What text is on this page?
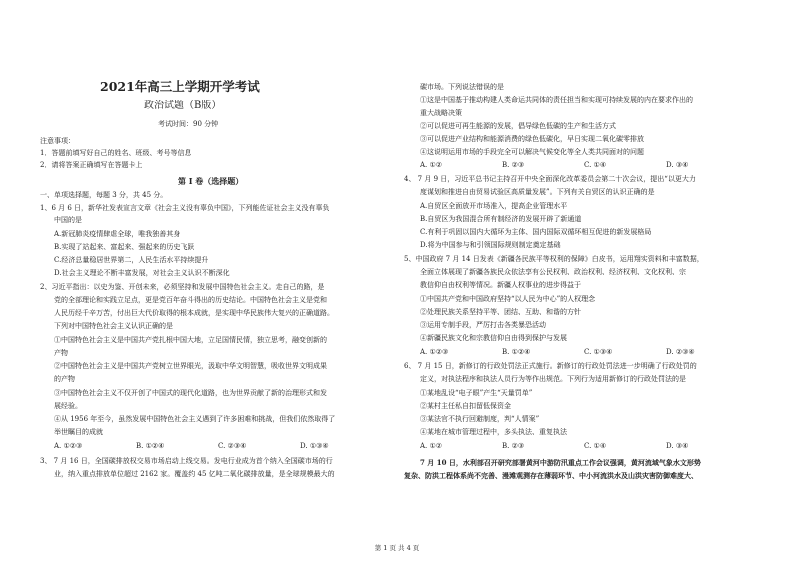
2021年高三上学期开学考试
政治试题（B版）
考试时间：90 分钟
注意事项：
1．答题前填写好自己的姓名、班级、考号等信息
2．请将答案正确填写在答题卡上
第 I 卷（选择题）
一、单项选择题，每题 3 分，共 45 分。
1、6 月 6 日，新华社发表宣言文章《社会主义没有辜负中国》，下列能佐证社会主义没有辜负
中国的是
A.新冠肺炎疫情肆虐全球，唯我独善其身
B.实现了站起来、富起来、强起来的历史飞跃
C.经济总量稳居世界第二，人民生活水平持续提升
D.社会主义理论不断丰富发展，对社会主义认识不断深化
2、习近平指出：以史为鉴、开创未来，必须坚持和发展中国特色社会主义。走自己的路，是
党的全部理论和实践立足点，更是党百年奋斗得出的历史结论。中国特色社会主义是党和
人民历经千辛万苦，付出巨大代价取得的根本成就，是实现中华民族伟大复兴的正确道路。
下列对中国特色社会主义认识正确的是
①中国特色社会主义是中国共产党扎根中国大地，立足国情民情，独立思考，融变创新的
产物
②中国特色社会主义是中国共产党树立世界眼光，汲取中华文明智慧，吸收世界文明成果
的产物
③中国特色社会主义不仅开创了中国式的现代化道路，也为世界贡献了新的治理形式和发
展经验。
④从 1956 年至今，虽然发展中国特色社会主义遇到了许多困难和挑战，但我们依然取得了
举世瞩目的成就
A. ①②③	B. ①②④	C. ②③④	D. ①③④
3、 7 月 16 日，全国碳排放权交易市场启动上线交易。发电行业成为首个纳入全国碳市场的行
业，纳入重点排放单位超过 2162 家。覆盖约 45 亿吨二氧化碳排放量，是全球规模最大的
碳市场。下列说法错误的是
①这是中国基于推动构建人类命运共同体的责任担当和实现可持续发展的内在要求作出的
重大战略决策
②可以促进可再生能源的发展，倡导绿色低碳的生产和生活方式
③可以促进产业结构和能源消费的绿色低碳化，早日实现二氧化碳零排放
④这说明运用市场的手段完全可以解决气候变化等全人类共同面对的问题
A. ①②	B. ②③	C. ①④	D. ③④
4、 7 月 9 日，习近平总书记主持召开中央全面深化改革委员会第二十次会议，提出“以更大力
度谋划和推进自由贸易试验区高质量发展”。下列有关自贸区的认识正确的是
A.自贸区全面放开市场准入，提高企业管理水平
B.自贸区为我国混合所有制经济的发展开辟了新通道
C.有利于巩固以国内大循环为主体、国内国际双循环相互促进的新发展格局
D.将为中国参与和引领国际规则制定奠定基础
5、中国政府 7 月 14 日发表《新疆各民族平等权利的保障》白皮书，运用翔实资料和丰富数据，
全面立体展现了新疆各族民众依法享有公民权利、政治权利、经济权利、文化权利、宗
教信仰自由权利等情况。新疆人权事业的进步得益于
①中国共产党和中国政府坚持“以人民为中心”的人权理念
②处理民族关系坚持平等、团结、互助、和谐的方针
③运用专制手段，严厉打击各类暴恐活动
④新疆民族文化和宗教信仰自由得到保护与发展
A. ①②③	B. ①②④	C. ①③④	D. ②③④
6、 7 月 15 日，新修订的行政处罚法正式施行。新修订的行政处罚法进一步明确了行政处罚的
定义，对执法程序和执法人员行为等作出规范。下列行为适用新修订的行政处罚法的是
①某地乱设“电子眼”产生“天量罚单”
②某村主任私自扣留低保资金
③某法官不执行回避制度，判“人情案”
④某地在城市管理过程中，多头执法、重复执法
A. ①②	B. ②③	C. ①④	D. ③④
7 月 10 日，水利部召开研究部署黄河中游防汛重点工作会议强调，黄河流域气象水文形势
复杂、防洪工程体系尚不完善、漫滩观测存在薄弱环节、中小河流洪水及山洪灾害防御难度大、
第 1 页 共 4 页
